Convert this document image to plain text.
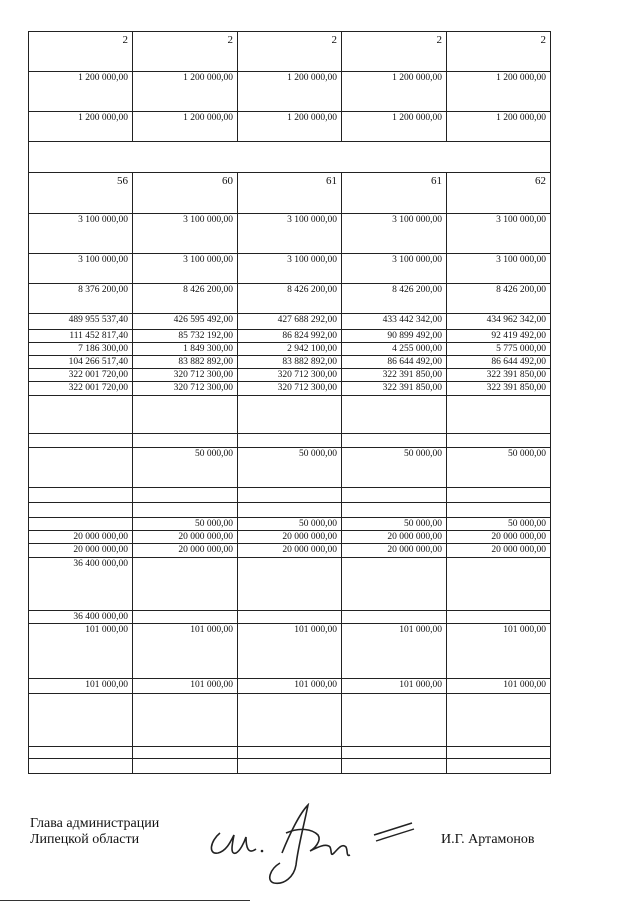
2	2	2	2	2
1 200 000,00	1 200 000,00	1 200 000,00	1 200 000,00	1 200 000,00
1 200 000,00	1 200 000,00	1 200 000,00	1 200 000,00	1 200 000,00

56	60	61	61	62
3 100 000,00	3 100 000,00	3 100 000,00	3 100 000,00	3 100 000,00
3 100 000,00	3 100 000,00	3 100 000,00	3 100 000,00	3 100 000,00
8 376 200,00	8 426 200,00	8 426 200,00	8 426 200,00	8 426 200,00
489 955 537,40	426 595 492,00	427 688 292,00	433 442 342,00	434 962 342,00
111 452 817,40	85 732 192,00	86 824 992,00	90 899 492,00	92 419 492,00
7 186 300,00	1 849 300,00	2 942 100,00	4 255 000,00	5 775 000,00
104 266 517,40	83 882 892,00	83 882 892,00	86 644 492,00	86 644 492,00
322 001 720,00	320 712 300,00	320 712 300,00	322 391 850,00	322 391 850,00
322 001 720,00	320 712 300,00	320 712 300,00	322 391 850,00	322 391 850,00

	50 000,00	50 000,00	50 000,00	50 000,00

	50 000,00	50 000,00	50 000,00	50 000,00
20 000 000,00	20 000 000,00	20 000 000,00	20 000 000,00	20 000 000,00
20 000 000,00	20 000 000,00	20 000 000,00	20 000 000,00	20 000 000,00
36 400 000,00				
36 400 000,00				
101 000,00	101 000,00	101 000,00	101 000,00	101 000,00
101 000,00	101 000,00	101 000,00	101 000,00	101 000,00

Глава администрации
Липецкой области	И.Г. Артамонов
